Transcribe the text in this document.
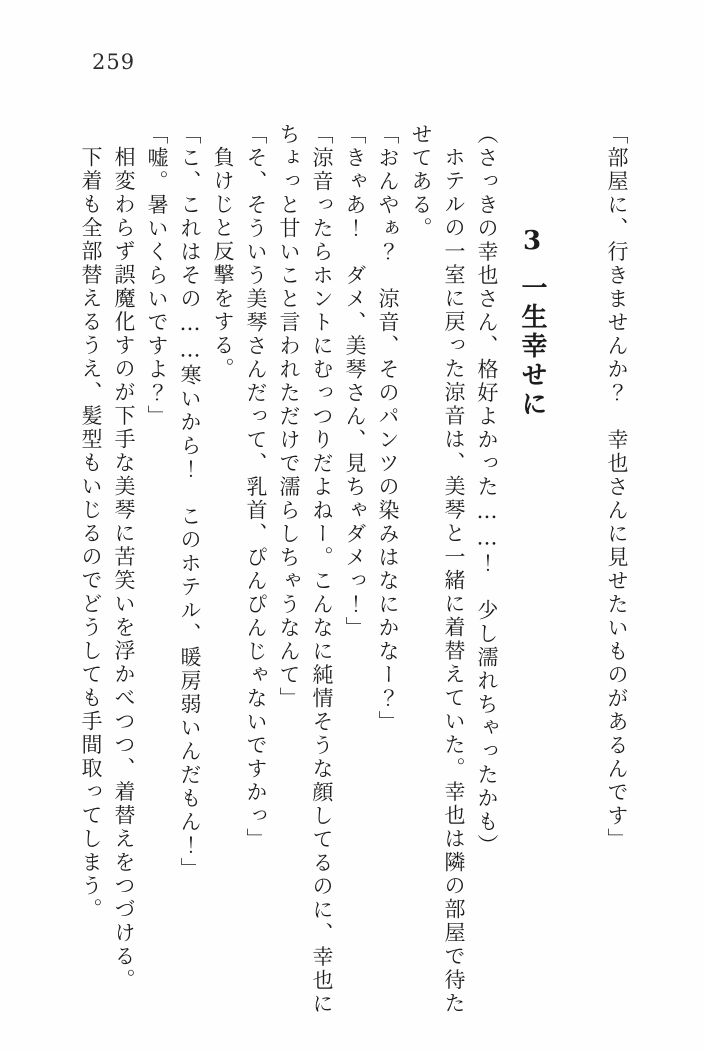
259

「部屋に、行きませんか？　幸也さんに見せたいものがあるんです」

3一生幸せに

（さっきの幸也さん、格好よかった……！　少し濡れちゃったかも）

ホテルの一室に戻った涼音は、美琴と一緒に着替えていた。幸也は隣の部屋で待た

せてある。

「おんやぁ？　涼音、そのパンツの染みはなにかなー？」

「きゃあ！　ダメ、美琴さん、見ちゃダメっ！」

「涼音ったらホントにむっつりだよねー。こんなに純情そうな顔してるのに、幸也に

ちょっと甘いこと言われただけで濡らしちゃうなんて」

「そ、そういう美琴さんだって、乳首、ぴんぴんじゃないですかっ」

負けじと反撃をする。

「こ、これはその……寒いから！　このホテル、暖房弱いんだもん！」

「嘘。暑いくらいですよ？」

相変わらず誤魔化すのが下手な美琴に苦笑いを浮かべつつ、着替えをつづける。

下着も全部替えるうえ、髪型もいじるのでどうしても手間取ってしまう。
